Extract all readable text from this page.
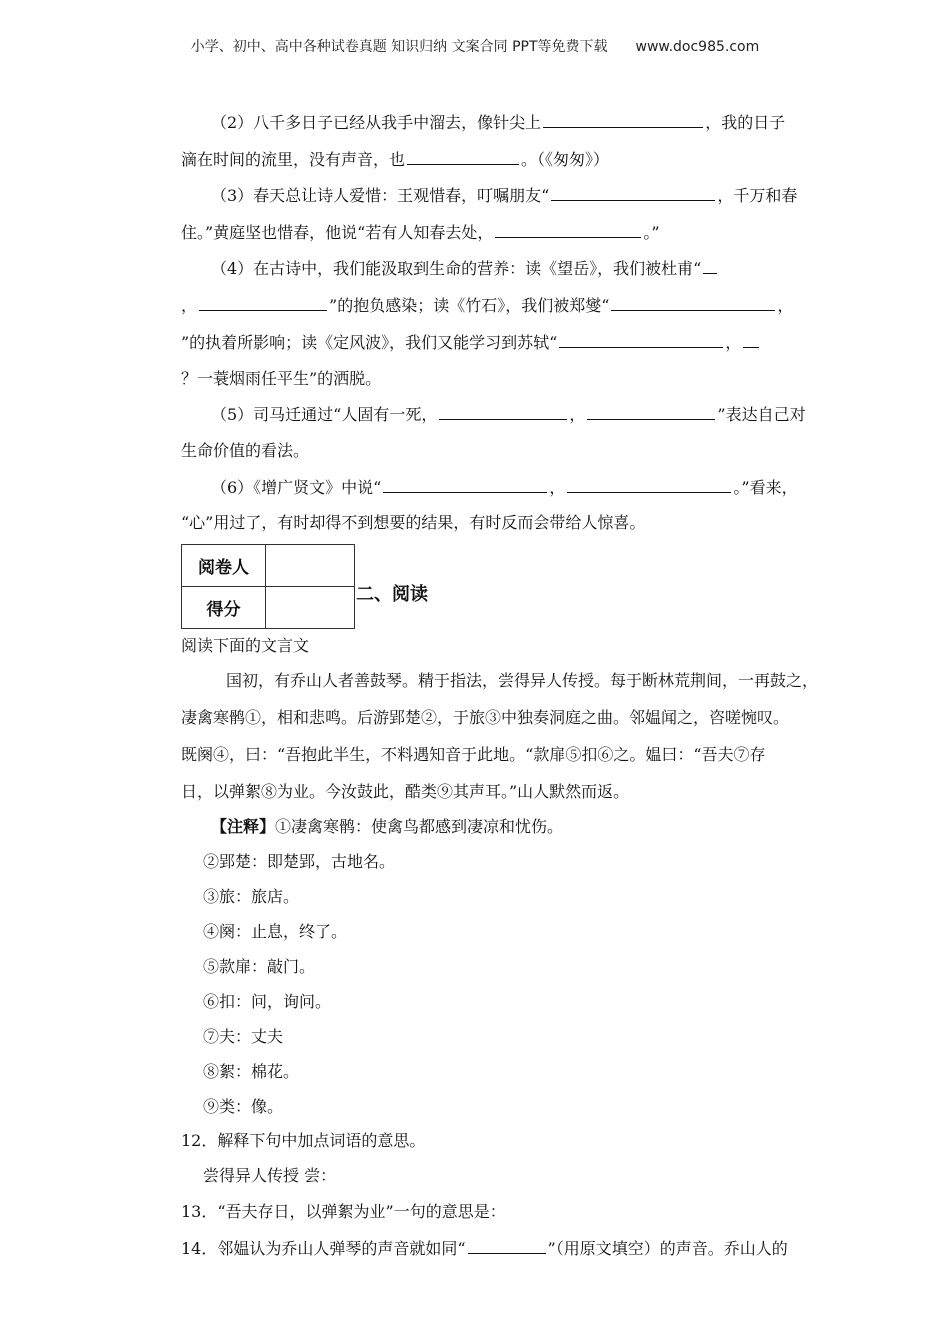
小学、初中、高中各种试卷真题 知识归纳 文案合同 PPT等免费下载 www.doc985.com
（2）八千多日子已经从我手中溜去，像针尖上	，我的日子
滴在时间的流里，没有声音，也	。（《匆匆》）
（3）春天总让诗人爱惜：王观惜春，叮嘱朋友“	，千万和春
住。”黄庭坚也惜春，他说“若有人知春去处，	。”
（4）在古诗中，我们能汲取到生命的营养：读《望岳》，我们被杜甫“
，	”的抱负感染；读《竹石》，我们被郑燮“	，
”的执着所影响；读《定风波》，我们又能学习到苏轼“	，
？一蓑烟雨任平生”的洒脱。
（5）司马迁通过“人固有一死，	，	”表达自己对
生命价值的看法。
（6）《增广贤文》中说“	，	。”看来，
“心”用过了，有时却得不到想要的结果，有时反而会带给人惊喜。
阅卷人	
得分	
二、阅读
阅读下面的文言文
国初，有乔山人者善鼓琴。精于指法，尝得异人传授。每于断林荒荆间，一再鼓之，
凄禽寒鹘①，相和悲鸣。后游郢楚②，于旅③中独奏洞庭之曲。邻媪闻之，咨嗟惋叹。
既阕④，曰：“吾抱此半生，不料遇知音于此地。“款扉⑤扣⑥之。媪曰：“吾夫⑦存
日，以弹絮⑧为业。今汝鼓此，酷类⑨其声耳。”山人默然而返。
【注释】①凄禽寒鹘：使禽鸟都感到凄凉和忧伤。
②郢楚：即楚郢，古地名。
③旅：旅店。
④阕：止息，终了。
⑤款扉：敲门。
⑥扣：问，询问。
⑦夫：丈夫
⑧絮：棉花。
⑨类：像。
12．解释下句中加点词语的意思。
尝得异人传授 尝：
13．“吾夫存日，以弹絮为业”一句的意思是：
14．邻媪认为乔山人弹琴的声音就如同“	”（用原文填空）的声音。乔山人的
